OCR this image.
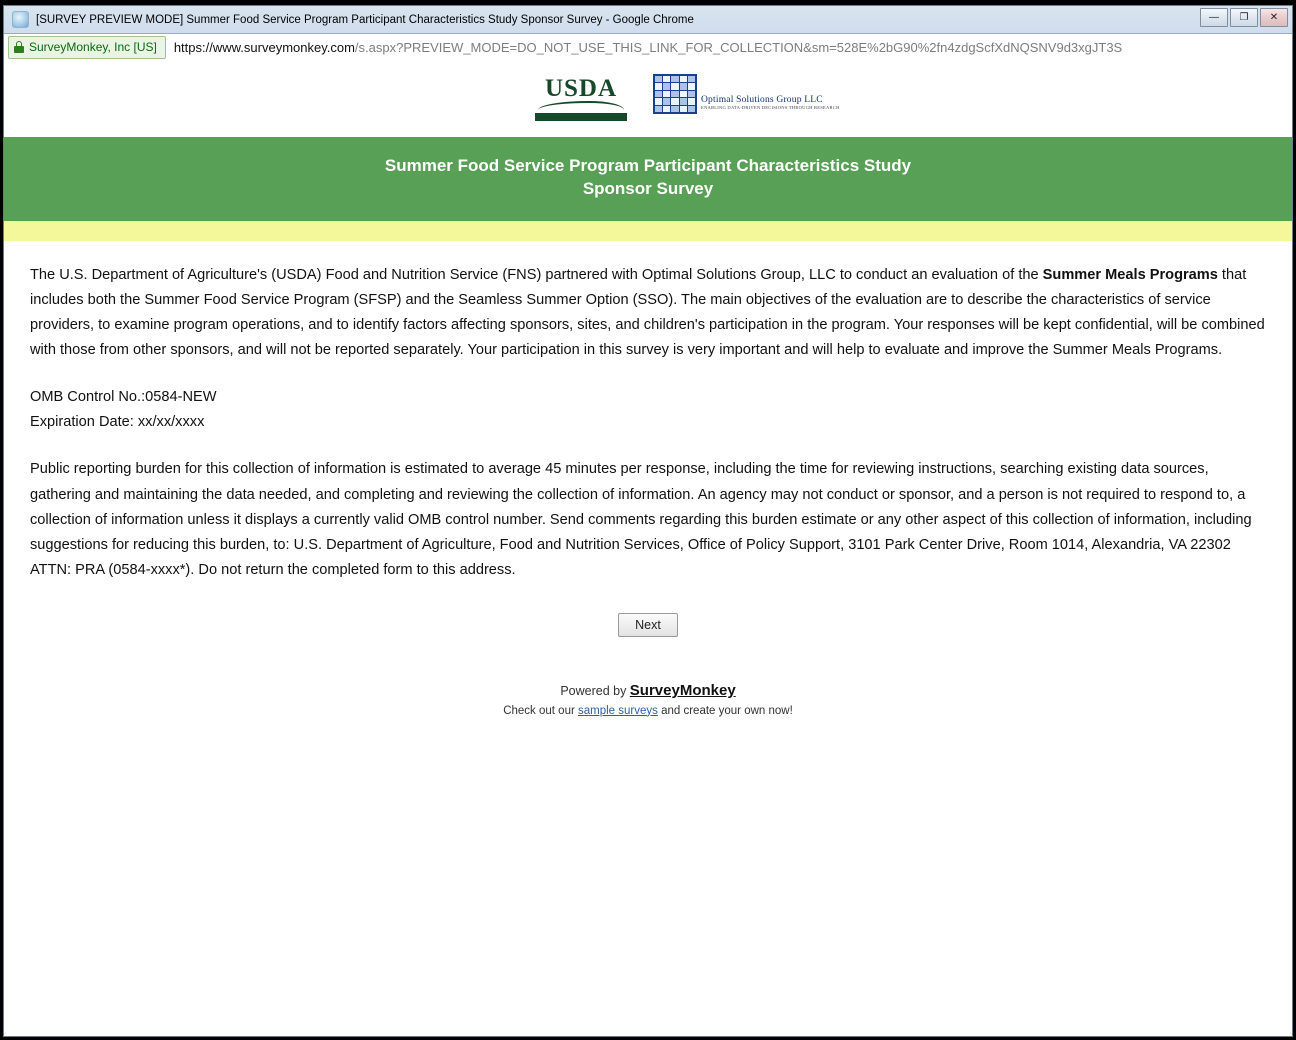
[SURVEY PREVIEW MODE] Summer Food Service Program Participant Characteristics Study Sponsor Survey - Google Chrome	— ❐ ✕
SurveyMonkey, Inc [US] https://www.surveymonkey.com/s.aspx?PREVIEW_MODE=DO_NOT_USE_THIS_LINK_FOR_COLLECTION&sm=528E%2bG90%2fn4zdgScfXdNQSNV9d3xgJT3S
USDA	Optimal Solutions Group LLC
ENABLING DATA-DRIVEN DECISIONS THROUGH RESEARCH
Summer Food Service Program Participant Characteristics Study
Sponsor Survey

The U.S. Department of Agriculture's (USDA) Food and Nutrition Service (FNS) partnered with Optimal Solutions Group, LLC to conduct an evaluation of the Summer Meals Programs that includes both the Summer Food Service Program (SFSP) and the Seamless Summer Option (SSO). The main objectives of the evaluation are to describe the characteristics of service providers, to examine program operations, and to identify factors affecting sponsors, sites, and children's participation in the program. Your responses will be kept confidential, will be combined with those from other sponsors, and will not be reported separately. Your participation in this survey is very important and will help to evaluate and improve the Summer Meals Programs.

OMB Control No.:0584-NEW
Expiration Date: xx/xx/xxxx

Public reporting burden for this collection of information is estimated to average 45 minutes per response, including the time for reviewing instructions, searching existing data sources, gathering and maintaining the data needed, and completing and reviewing the collection of information. An agency may not conduct or sponsor, and a person is not required to respond to, a collection of information unless it displays a currently valid OMB control number. Send comments regarding this burden estimate or any other aspect of this collection of information, including suggestions for reducing this burden, to: U.S. Department of Agriculture, Food and Nutrition Services, Office of Policy Support, 3101 Park Center Drive, Room 1014, Alexandria, VA 22302 ATTN: PRA (0584-xxxx*). Do not return the completed form to this address.

Next
Powered by SurveyMonkey
Check out our sample surveys and create your own now!
